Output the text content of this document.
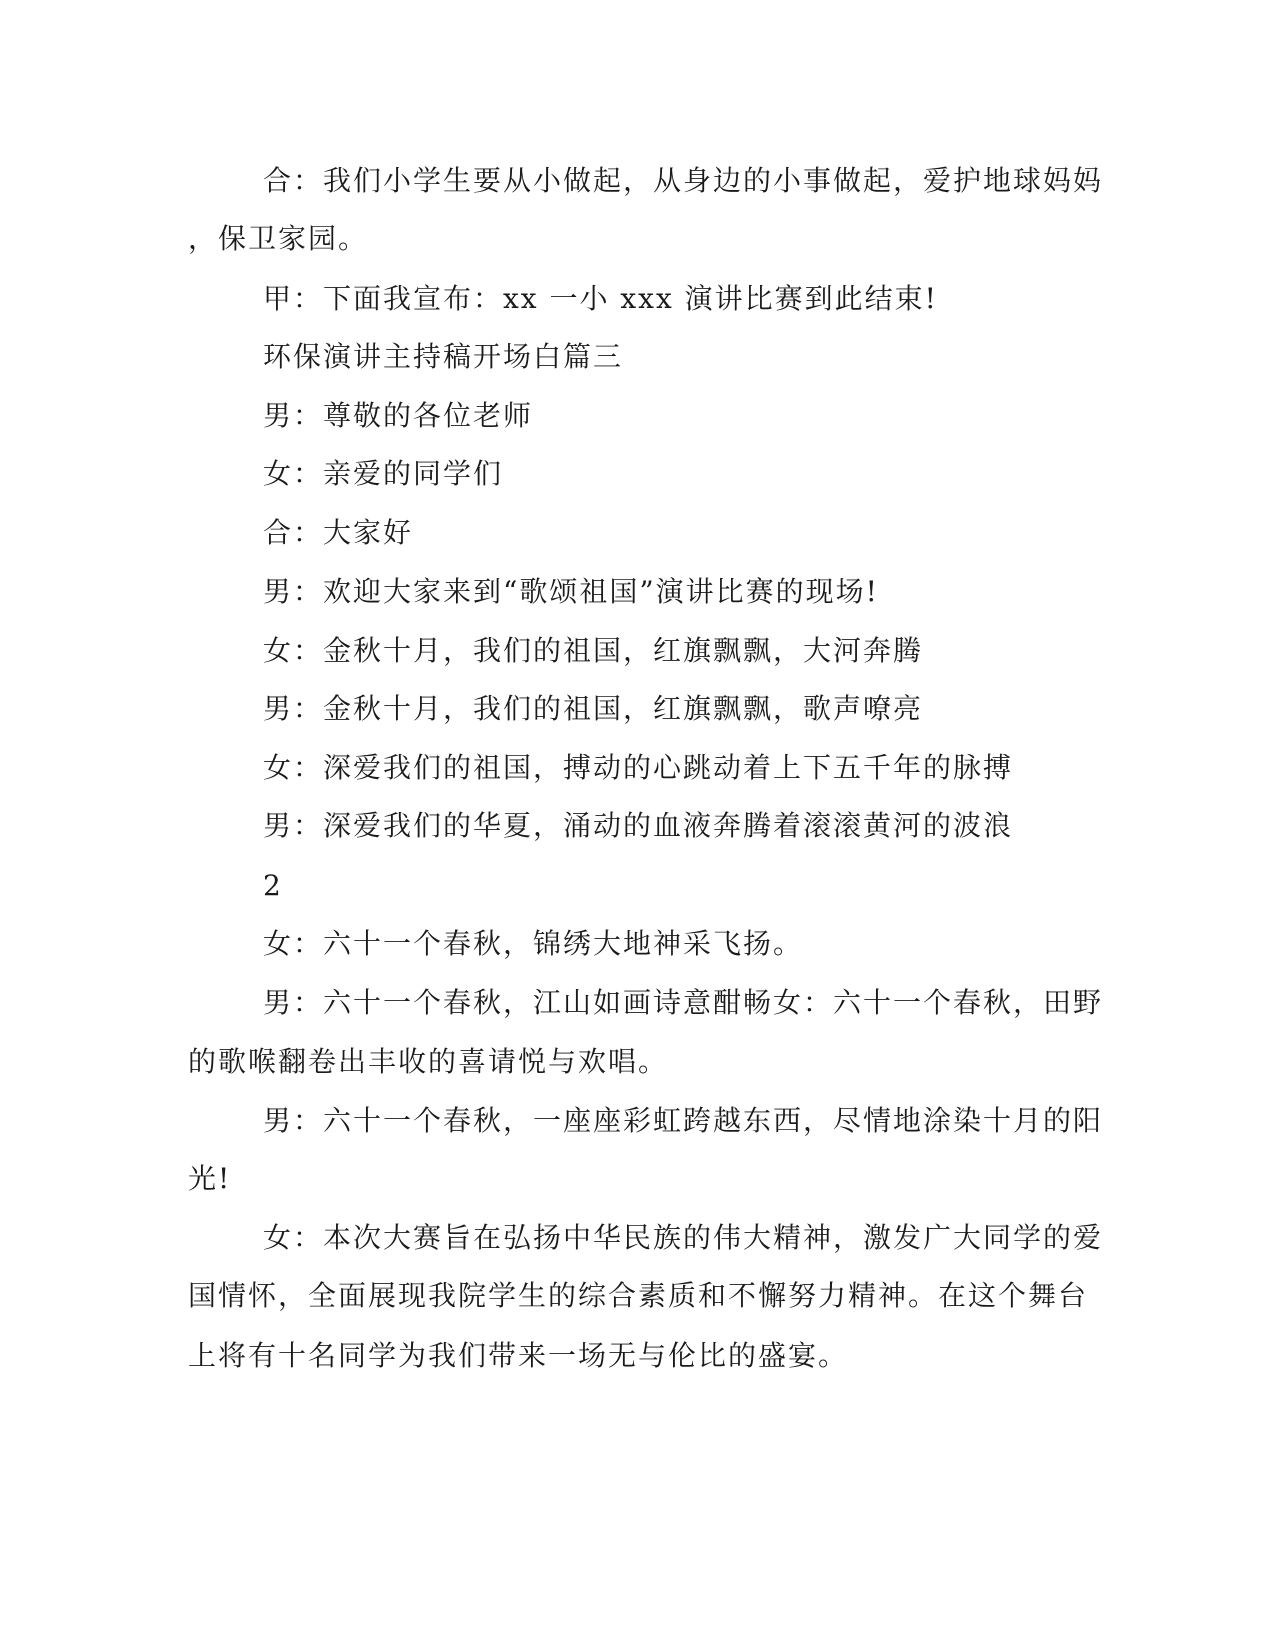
合：我们小学生要从小做起，从身边的小事做起，爱护地球妈妈
，保卫家园。
甲：下面我宣布：xx 一小 xxx 演讲比赛到此结束!
环保演讲主持稿开场白篇三
男：尊敬的各位老师
女：亲爱的同学们
合：大家好
男：欢迎大家来到“歌颂祖国”演讲比赛的现场!
女：金秋十月，我们的祖国，红旗飘飘，大河奔腾
男：金秋十月，我们的祖国，红旗飘飘，歌声嘹亮
女：深爱我们的祖国，搏动的心跳动着上下五千年的脉搏
男：深爱我们的华夏，涌动的血液奔腾着滚滚黄河的波浪
2
女：六十一个春秋，锦绣大地神采飞扬。
男：六十一个春秋，江山如画诗意酣畅女：六十一个春秋，田野
的歌喉翻卷出丰收的喜请悦与欢唱。
男：六十一个春秋，一座座彩虹跨越东西，尽情地涂染十月的阳
光!
女：本次大赛旨在弘扬中华民族的伟大精神，激发广大同学的爱
国情怀，全面展现我院学生的综合素质和不懈努力精神。在这个舞台
上将有十名同学为我们带来一场无与伦比的盛宴。
